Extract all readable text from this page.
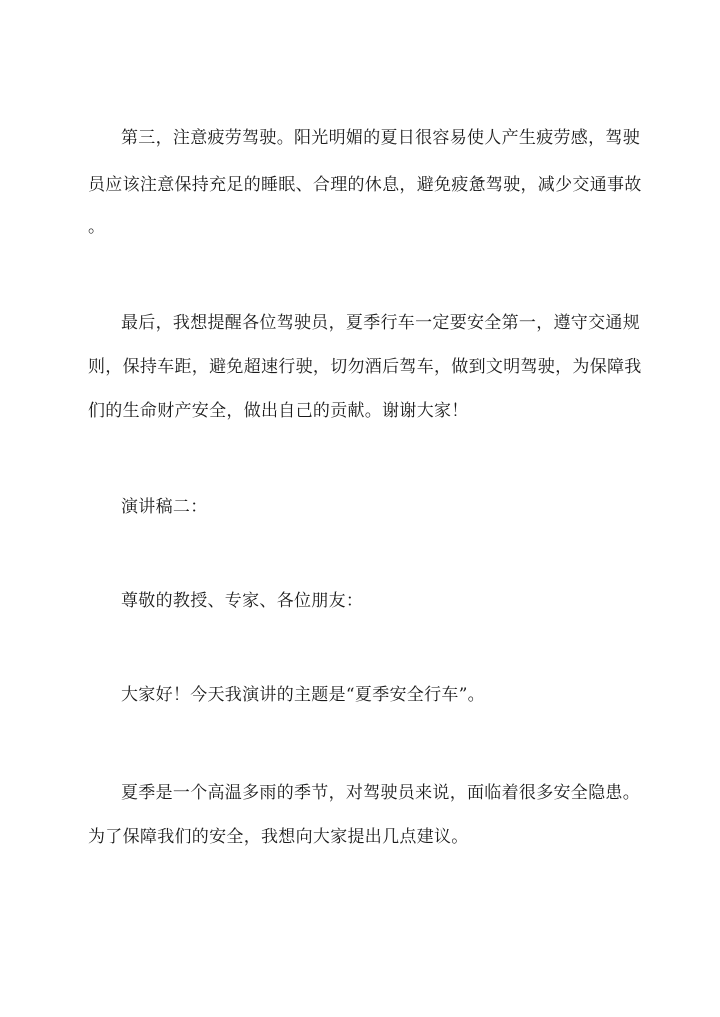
第三，注意疲劳驾驶。阳光明媚的夏日很容易使人产生疲劳感，驾驶
员应该注意保持充足的睡眠、合理的休息，避免疲惫驾驶，减少交通事故
。
最后，我想提醒各位驾驶员，夏季行车一定要安全第一，遵守交通规
则，保持车距，避免超速行驶，切勿酒后驾车，做到文明驾驶，为保障我
们的生命财产安全，做出自己的贡献。谢谢大家！
演讲稿二：
尊敬的教授、专家、各位朋友：
大家好！今天我演讲的主题是“夏季安全行车”。
夏季是一个高温多雨的季节，对驾驶员来说，面临着很多安全隐患。
为了保障我们的安全，我想向大家提出几点建议。
